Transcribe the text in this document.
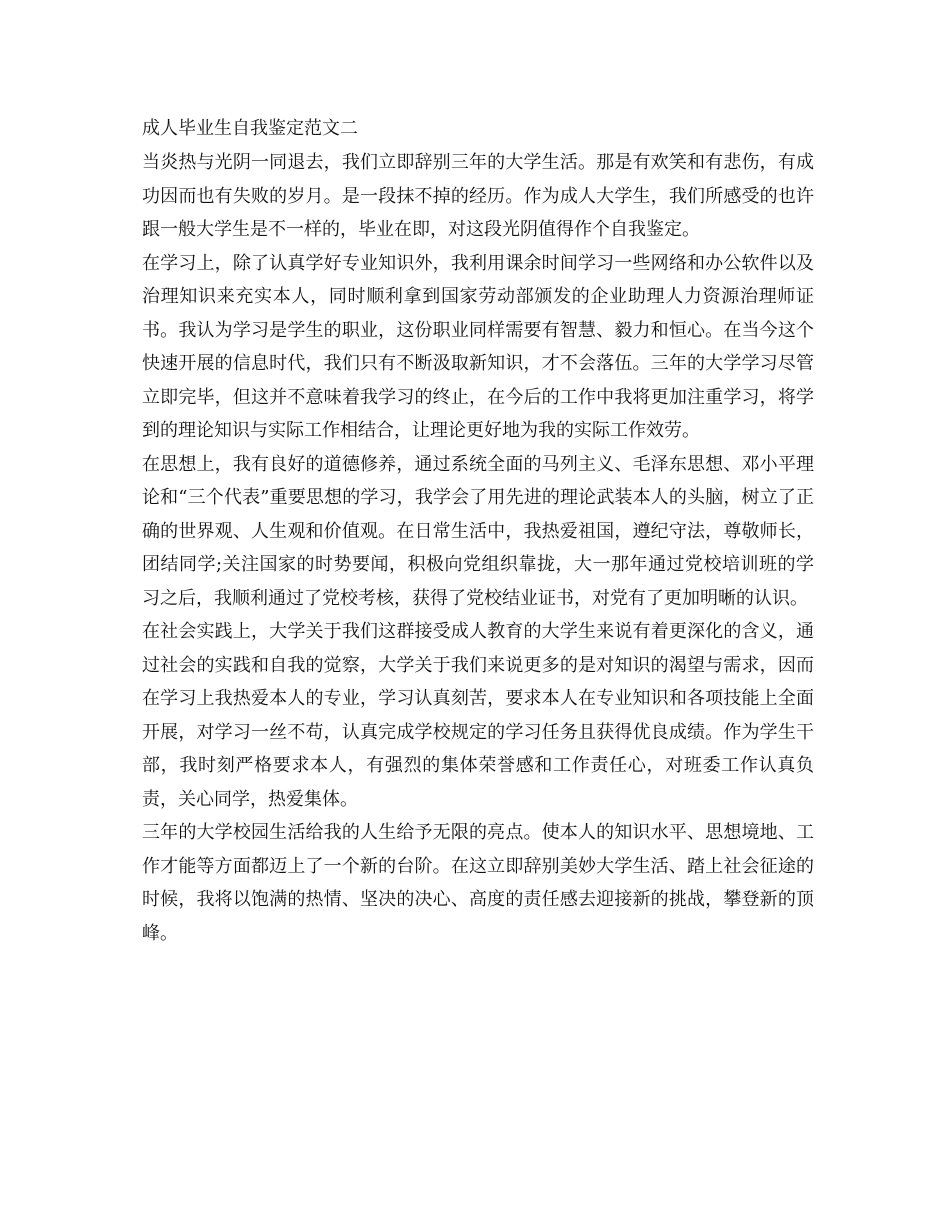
成人毕业生自我鉴定范文二

当炎热与光阴一同退去，我们立即辞别三年的大学生活。那是有欢笑和有悲伤，有成功因而也有失败的岁月。是一段抹不掉的经历。作为成人大学生，我们所感受的也许跟一般大学生是不一样的，毕业在即，对这段光阴值得作个自我鉴定。

在学习上，除了认真学好专业知识外，我利用课余时间学习一些网络和办公软件以及治理知识来充实本人，同时顺利拿到国家劳动部颁发的企业助理人力资源治理师证书。我认为学习是学生的职业，这份职业同样需要有智慧、毅力和恒心。在当今这个快速开展的信息时代，我们只有不断汲取新知识，才不会落伍。三年的大学学习尽管立即完毕，但这并不意味着我学习的终止，在今后的工作中我将更加注重学习，将学到的理论知识与实际工作相结合，让理论更好地为我的实际工作效劳。

在思想上，我有良好的道德修养，通过系统全面的马列主义、毛泽东思想、邓小平理论和“三个代表”重要思想的学习，我学会了用先进的理论武装本人的头脑，树立了正确的世界观、人生观和价值观。在日常生活中，我热爱祖国，遵纪守法，尊敬师长，团结同学;关注国家的时势要闻，积极向党组织靠拢，大一那年通过党校培训班的学习之后，我顺利通过了党校考核，获得了党校结业证书，对党有了更加明晰的认识。

在社会实践上，大学关于我们这群接受成人教育的大学生来说有着更深化的含义，通过社会的实践和自我的觉察，大学关于我们来说更多的是对知识的渴望与需求，因而在学习上我热爱本人的专业，学习认真刻苦，要求本人在专业知识和各项技能上全面开展，对学习一丝不苟，认真完成学校规定的学习任务且获得优良成绩。作为学生干部，我时刻严格要求本人，有强烈的集体荣誉感和工作责任心，对班委工作认真负责，关心同学，热爱集体。

三年的大学校园生活给我的人生给予无限的亮点。使本人的知识水平、思想境地、工作才能等方面都迈上了一个新的台阶。在这立即辞别美妙大学生活、踏上社会征途的时候，我将以饱满的热情、坚决的决心、高度的责任感去迎接新的挑战，攀登新的顶峰。
